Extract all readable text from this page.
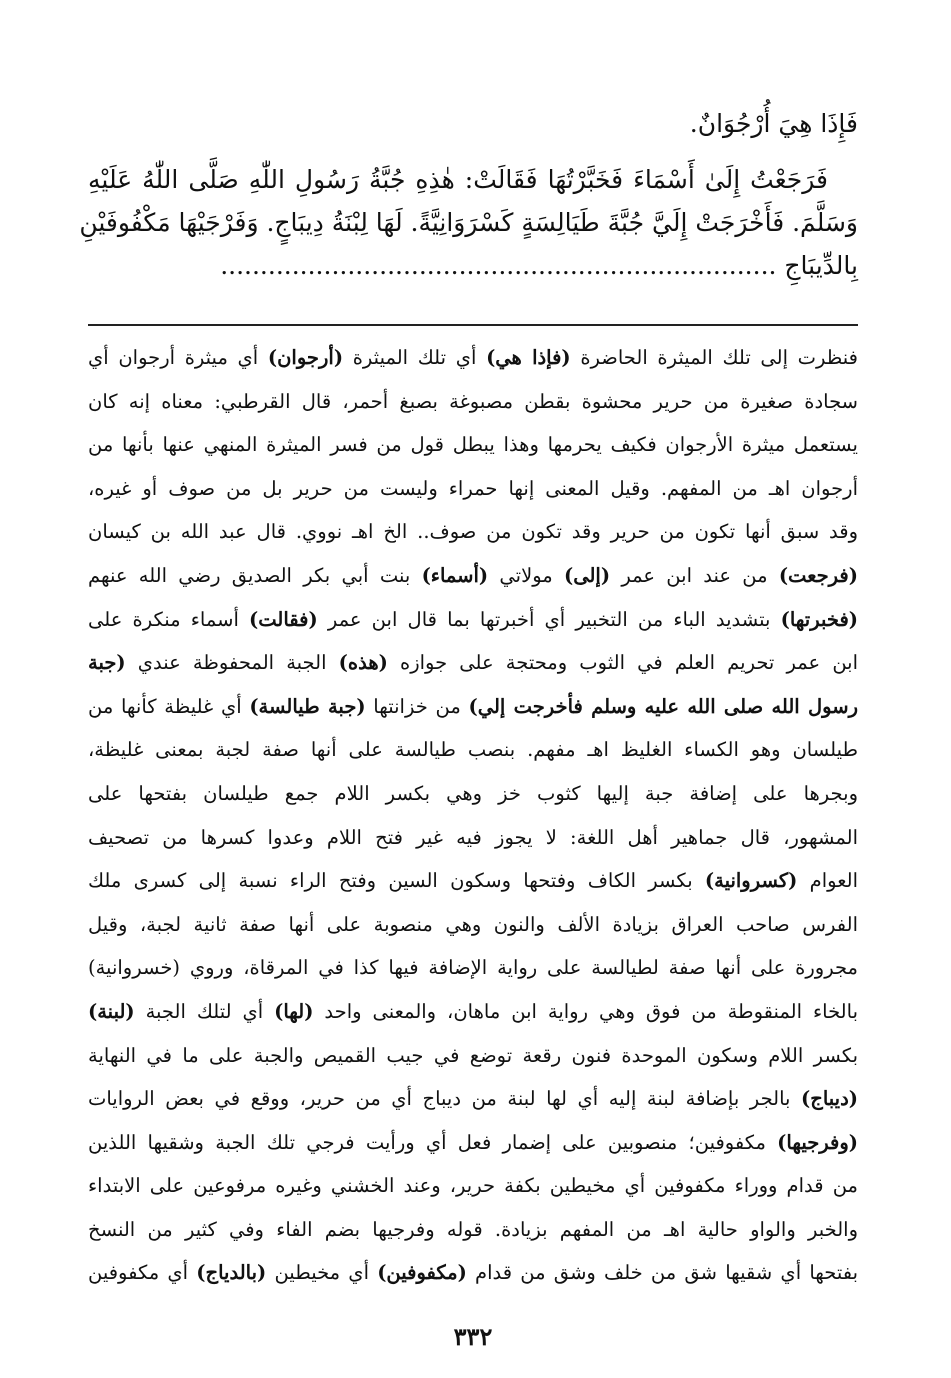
فَإِذَا هِيَ أُرْجُوَانٌ.
فَرَجَعْتُ إِلَىٰ أَسْمَاءَ فَخَبَّرْتُهَا فَقَالَتْ: هٰذِهِ جُبَّةُ رَسُولِ اللّٰهِ صَلَّى اللّٰهُ عَلَيْهِ
وَسَلَّمَ. فَأَخْرَجَتْ إِلَيَّ جُبَّةَ طَيَالِسَةٍ كَسْرَوَانِيَّةً. لَهَا لِبْنَةُ دِيبَاجٍ. وَفَرْجَيْهَا مَكْفُوفَيْنِ
بِالدِّيبَاجِ ......................................................................
فنظرت إلى تلك الميثرة الحاضرة (فإذا هي) أي تلك الميثرة (أرجوان) أي ميثرة أرجوان أي
سجادة صغيرة من حرير محشوة بقطن مصبوغة بصبغ أحمر، قال القرطبي: معناه إنه كان
يستعمل ميثرة الأرجوان فكيف يحرمها وهذا يبطل قول من فسر الميثرة المنهي عنها بأنها من
أرجوان اهـ من المفهم. وقيل المعنى إنها حمراء وليست من حرير بل من صوف أو غيره،
وقد سبق أنها تكون من حرير وقد تكون من صوف.. الخ اهـ نووي. قال عبد الله بن كيسان
(فرجعت) من عند ابن عمر (إلى) مولاتي (أسماء) بنت أبي بكر الصديق رضي الله عنهم
(فخبرتها) بتشديد الباء من التخبير أي أخبرتها بما قال ابن عمر (فقالت) أسماء منكرة على
ابن عمر تحريم العلم في الثوب ومحتجة على جوازه (هذه) الجبة المحفوظة عندي (جبة
رسول الله صلى الله عليه وسلم فأخرجت إلي) من خزانتها (جبة طيالسة) أي غليظة كأنها من
طيلسان وهو الكساء الغليظ اهـ مفهم. بنصب طيالسة على أنها صفة لجبة بمعنى غليظة،
وبجرها على إضافة جبة إليها كثوب خز وهي بكسر اللام جمع طيلسان بفتحها على
المشهور، قال جماهير أهل اللغة: لا يجوز فيه غير فتح اللام وعدوا كسرها من تصحيف
العوام (كسروانية) بكسر الكاف وفتحها وسكون السين وفتح الراء نسبة إلى كسرى ملك
الفرس صاحب العراق بزيادة الألف والنون وهي منصوبة على أنها صفة ثانية لجبة، وقيل
مجرورة على أنها صفة لطيالسة على رواية الإضافة فيها كذا في المرقاة، وروي (خسروانية)
بالخاء المنقوطة من فوق وهي رواية ابن ماهان، والمعنى واحد (لها) أي لتلك الجبة (لبنة)
بكسر اللام وسكون الموحدة فنون رقعة توضع في جيب القميص والجبة على ما في النهاية
(ديباج) بالجر بإضافة لبنة إليه أي لها لبنة من ديباج أي من حرير، ووقع في بعض الروايات
(وفرجيها) مكفوفين؛ منصوبين على إضمار فعل أي ورأيت فرجي تلك الجبة وشقيها اللذين
من قدام ووراء مكفوفين أي مخيطين بكفة حرير، وعند الخشني وغيره مرفوعين على الابتداء
والخبر والواو حالية اهـ من المفهم بزيادة. قوله وفرجيها بضم الفاء وفي كثير من النسخ
بفتحها أي شقيها شق من خلف وشق من قدام (مكفوفين) أي مخيطين (بالدياج) أي مكفوفين
٣٣٢
